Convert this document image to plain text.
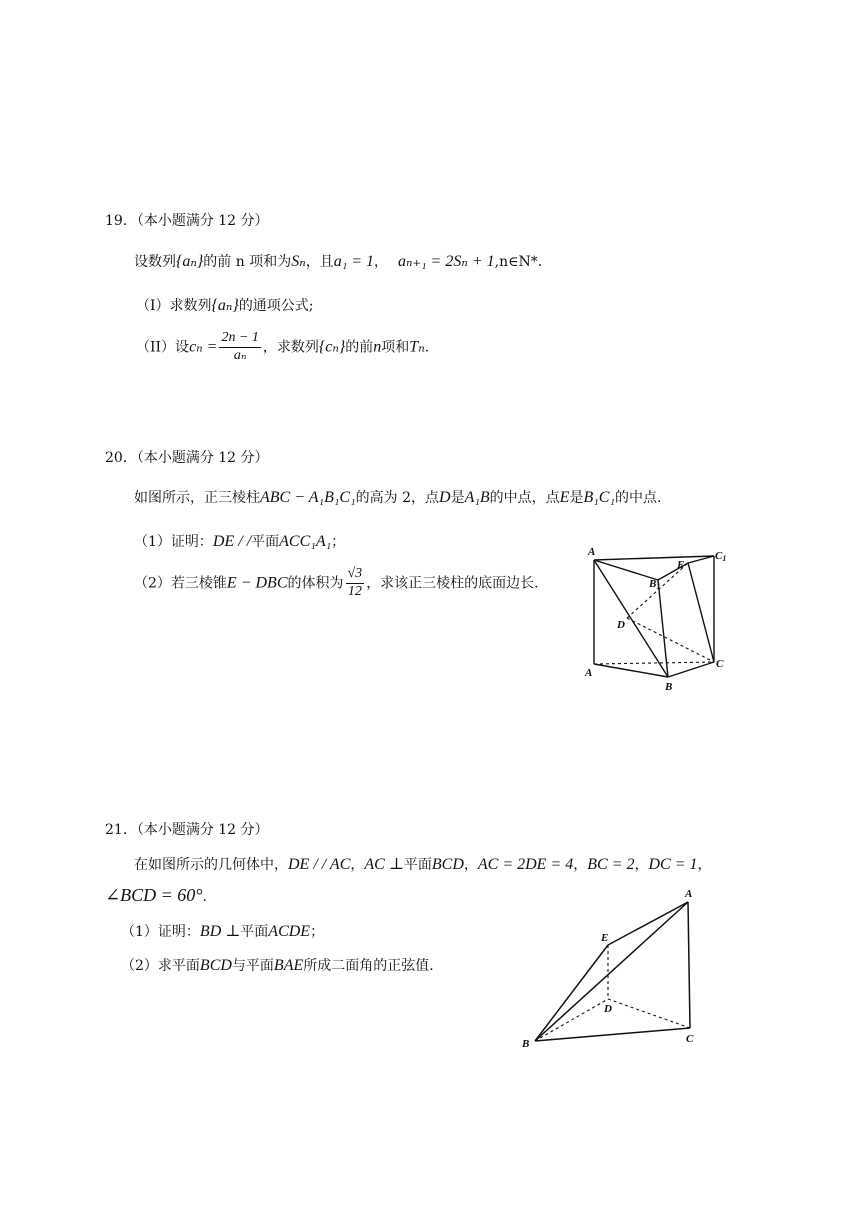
19．（本小题满分 12 分）
设数列{aₙ}的前 n 项和为Sₙ，且a₁ = 1， aₙ₊₁ = 2Sₙ + 1,n∈N*.
（I）求数列{aₙ}的通项公式;
（II）设$c_n = \frac{2n - 1}{\text{aₙ}}$ ，求数列{cₙ}的前n项和Tₙ.
20．（本小题满分 12 分）
如图所示，正三棱柱ABC − A₁B₁C₁的高为 2，点D是A₁B的中点，点E是B₁C₁的中点.
（1）证明：DE / /平面ACC₁A₁；
（2）若三棱锥E − DBC的体积为 $\frac{√3}{12}$ ，求该正三棱柱的底面边长.
A
B1
E
C1
D
A
B
C
21．（本小题满分 12 分）
在如图所示的几何体中，DE / / AC，AC ⊥平面BCD，AC = 2DE = 4，BC = 2，DC = 1，
∠BCD = 60°.
（1）证明：BD ⊥平面ACDE；
（2）求平面BCD与平面BAE所成二面角的正弦值.
A
E
D
B	C
